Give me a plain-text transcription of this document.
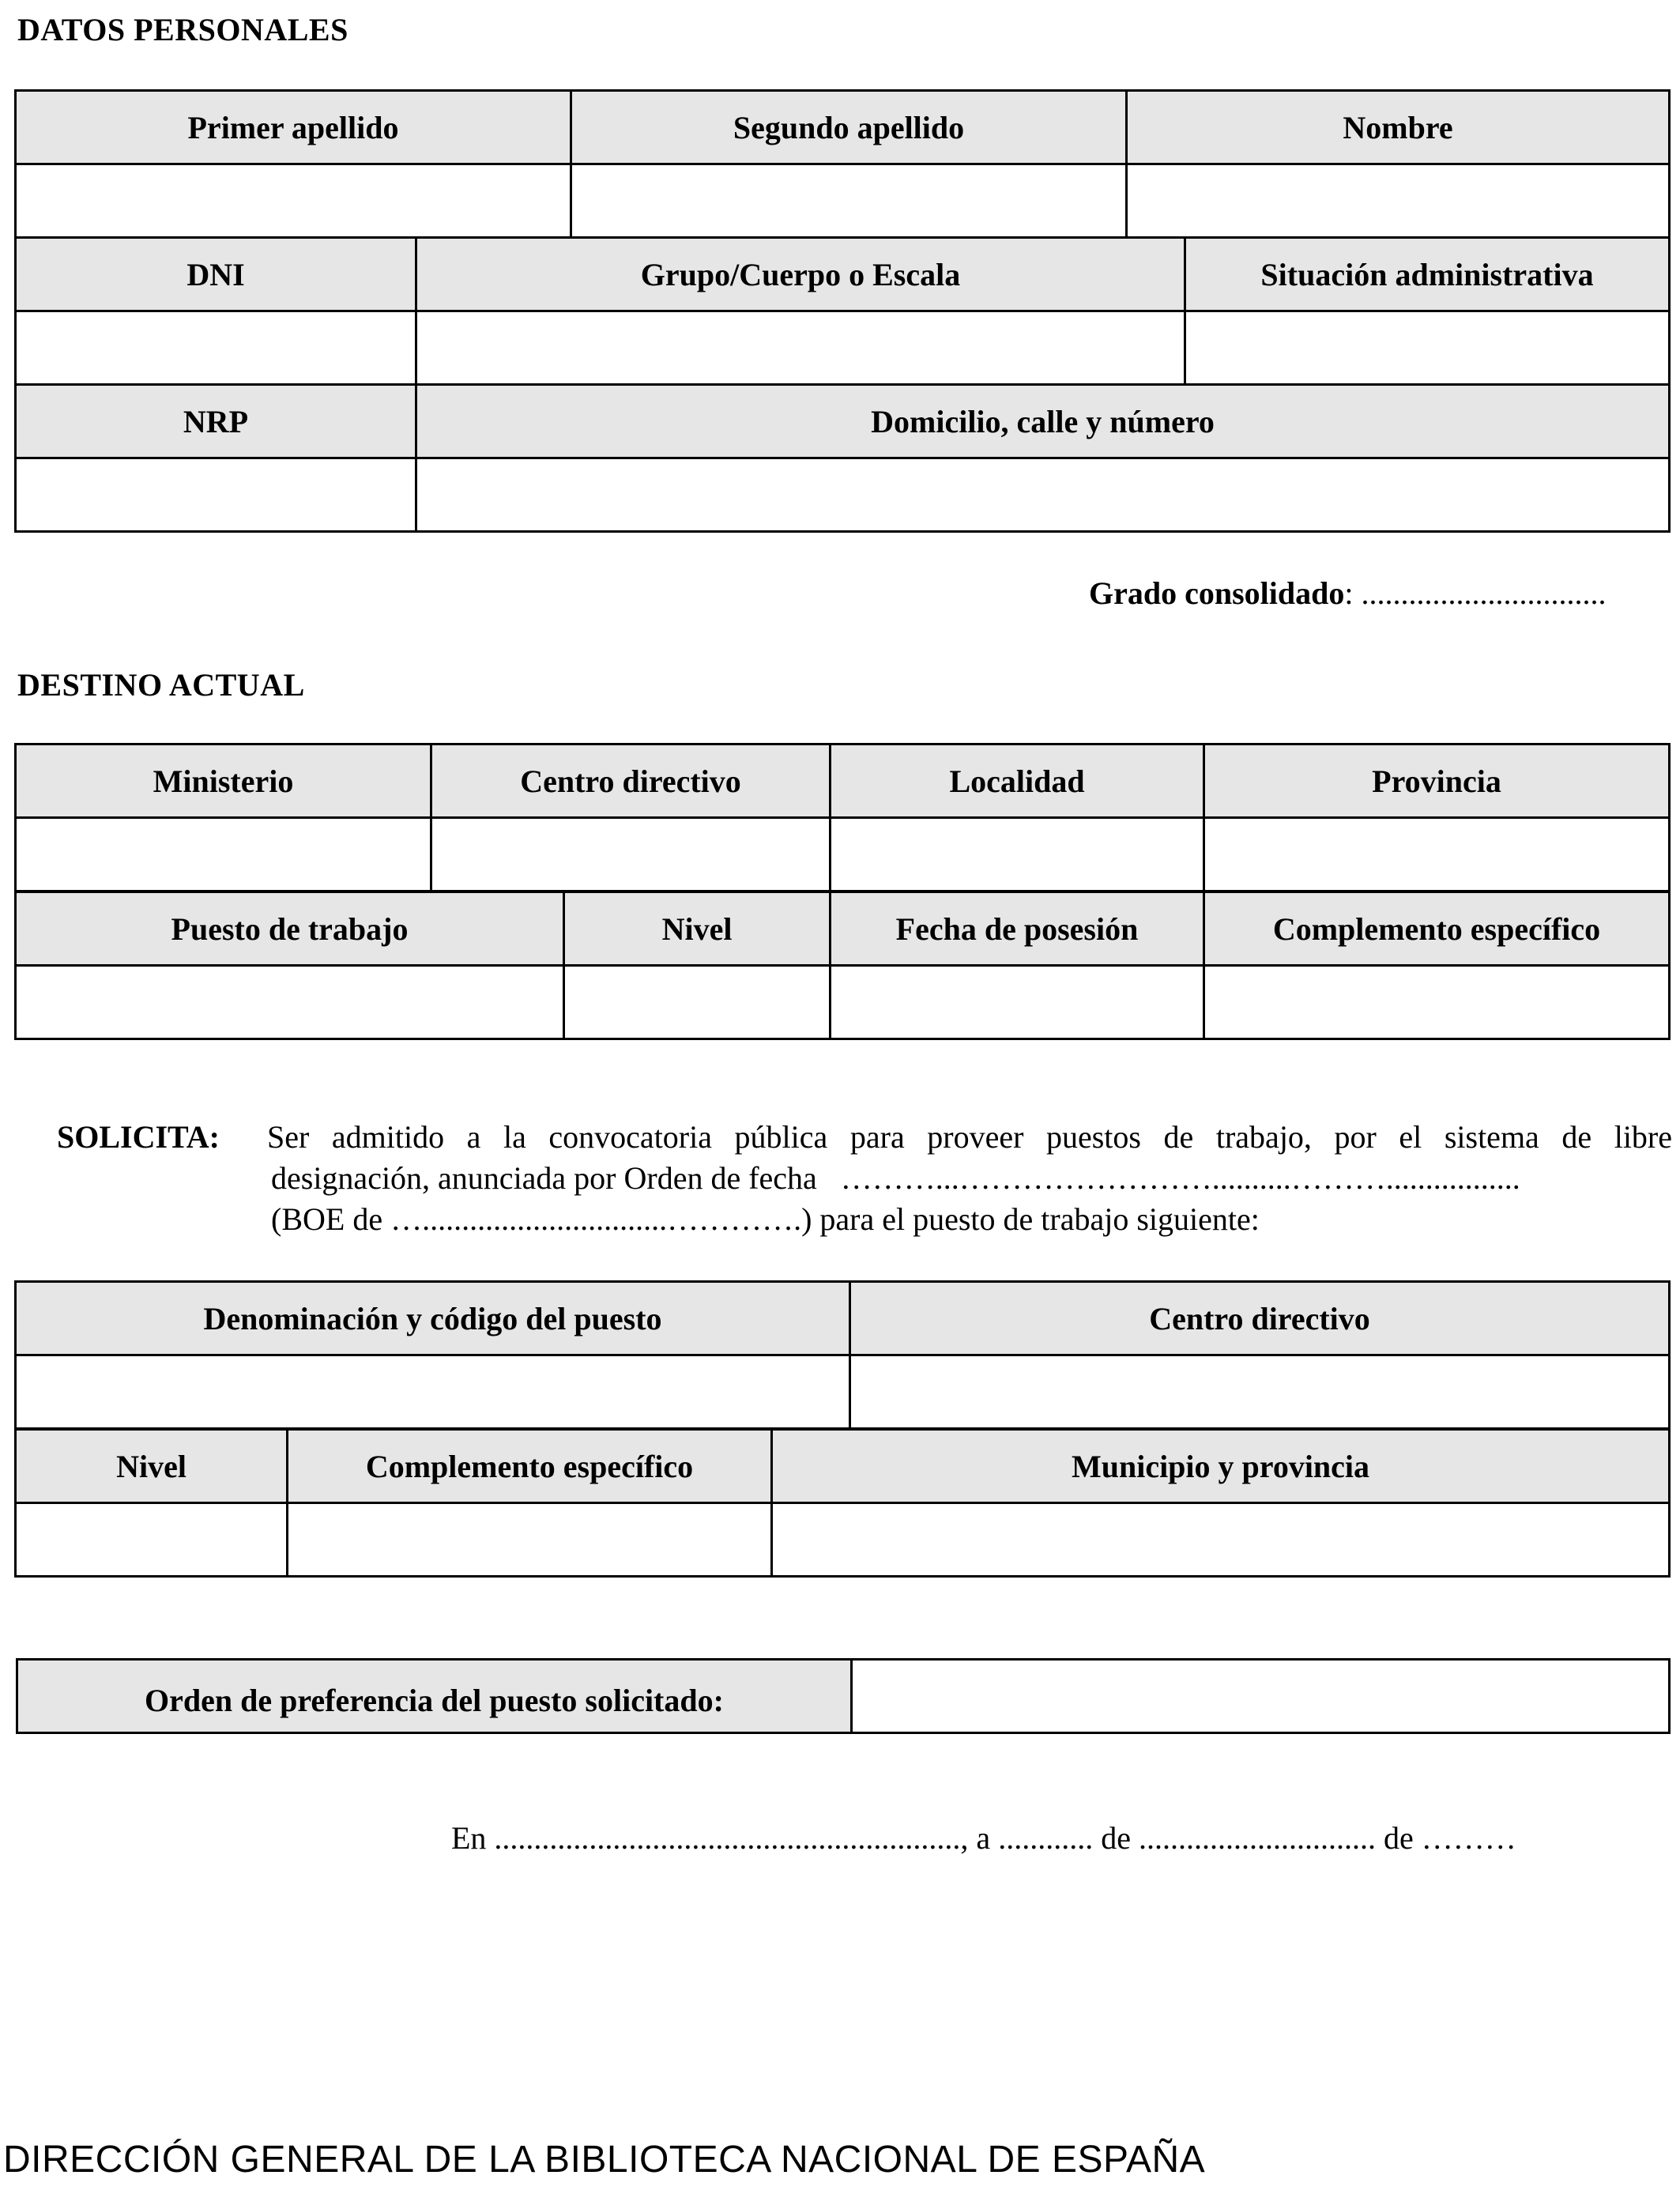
DATOS PERSONALES
Primer apellido		Segundo apellido	Nombre	

DNI	Grupo/Cuerpo o Escala			Situación administrativa

NRP	Domicilio, calle y número			

Grado consolidado: ...............................
DESTINO ACTUAL
Ministerio	Centro directivo	Localidad	Provincia

Puesto de trabajo	Nivel	Fecha de posesión	Complemento específico

SOLICITA: Ser admitido a la convocatoria pública para proveer puestos de trabajo, por el sistema de libre
designación, anunciada por Orden de fecha   ………...……………………..........……….................
(BOE de …...............................………….) para el puesto de trabajo siguiente:
Denominación y código del puesto	Centro directivo

Nivel	Complemento específico	Municipio y provincia

Orden de preferencia del puesto solicitado:	
En ..........................................................., a ............ de .............................. de ………
DIRECCIÓN GENERAL DE LA BIBLIOTECA NACIONAL DE ESPAÑA
